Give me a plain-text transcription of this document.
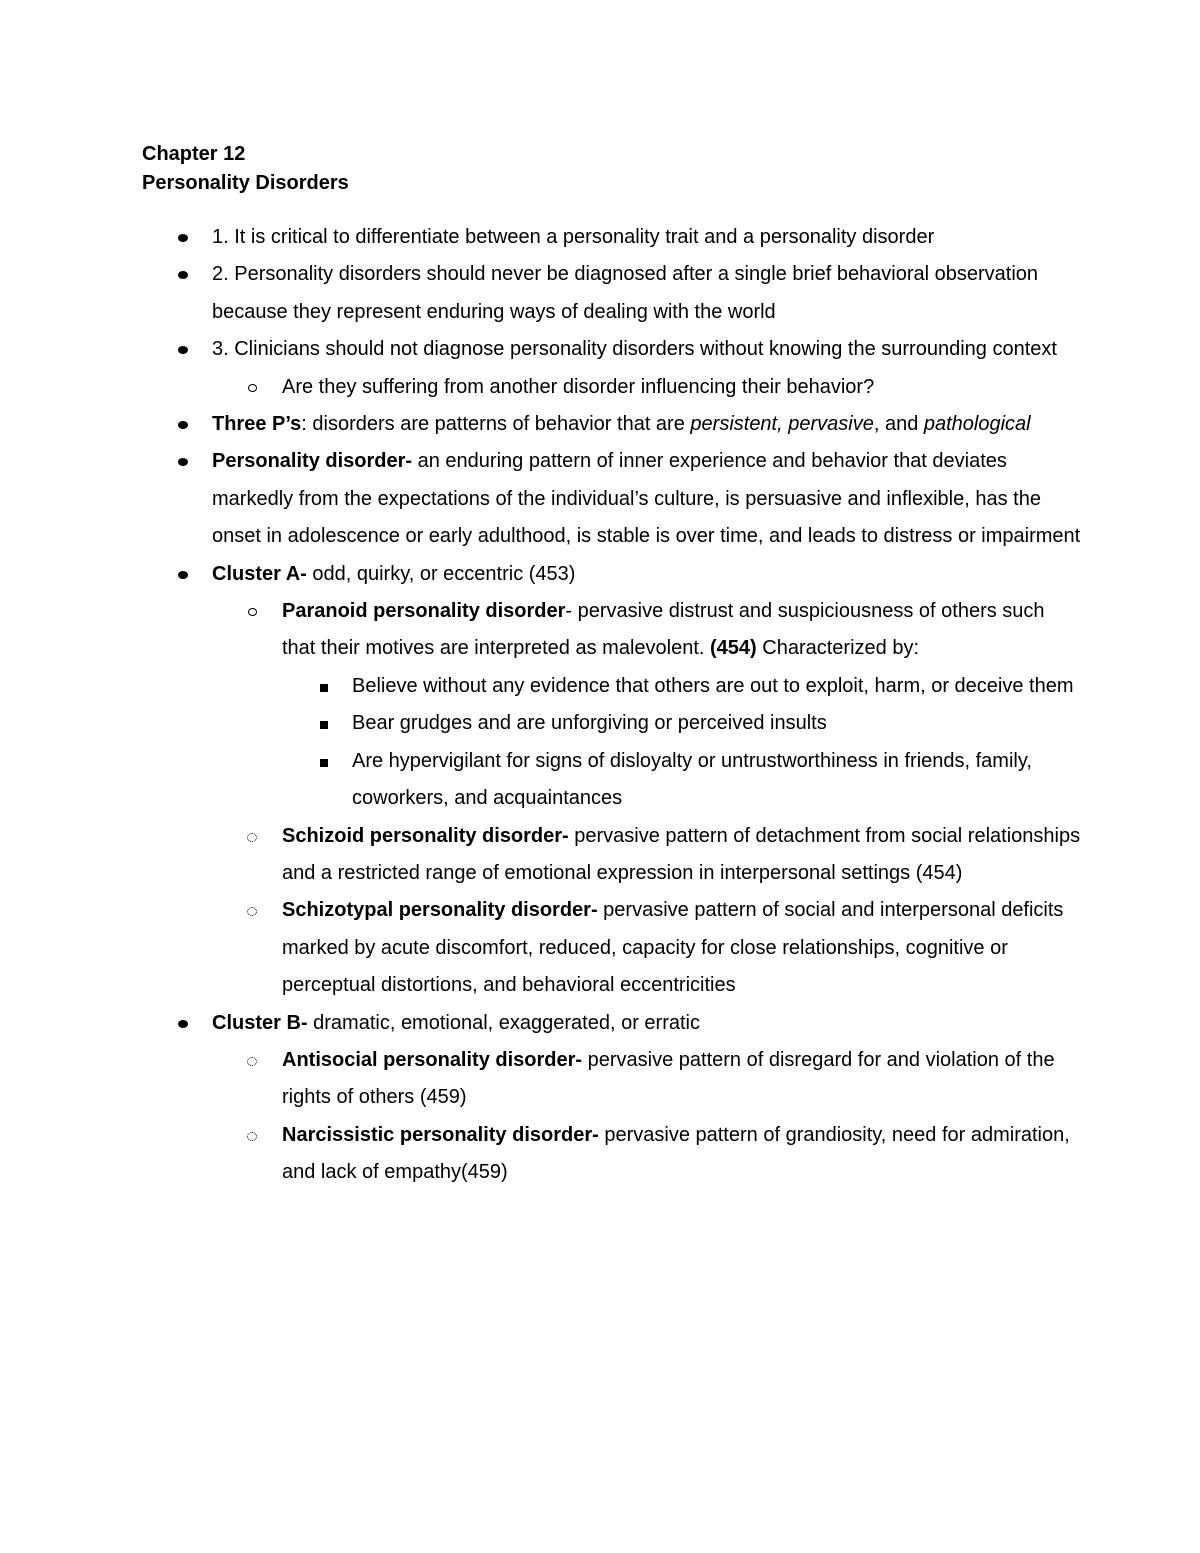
Chapter 12
Personality Disorders
1. It is critical to differentiate between a personality trait and a personality disorder
2. Personality disorders should never be diagnosed after a single brief behavioral observation because they represent enduring ways of dealing with the world
3. Clinicians should not diagnose personality disorders without knowing the surrounding context
Are they suffering from another disorder influencing their behavior?
Three P’s: disorders are patterns of behavior that are persistent, pervasive, and pathological
Personality disorder- an enduring pattern of inner experience and behavior that deviates markedly from the expectations of the individual’s culture, is persuasive and inflexible, has the onset in adolescence or early adulthood, is stable is over time, and leads to distress or impairment
Cluster A- odd, quirky, or eccentric (453)
Paranoid personality disorder- pervasive distrust and suspiciousness of others such that their motives are interpreted as malevolent. (454) Characterized by:
Believe without any evidence that others are out to exploit, harm, or deceive them
Bear grudges and are unforgiving or perceived insults
Are hypervigilant for signs of disloyalty or untrustworthiness in friends, family, coworkers, and acquaintances
Schizoid personality disorder- pervasive pattern of detachment from social relationships and a restricted range of emotional expression in interpersonal settings (454)
Schizotypal personality disorder- pervasive pattern of social and interpersonal deficits marked by acute discomfort, reduced, capacity for close relationships, cognitive or perceptual distortions, and behavioral eccentricities
Cluster B- dramatic, emotional, exaggerated, or erratic
Antisocial personality disorder- pervasive pattern of disregard for and violation of the rights of others (459)
Narcissistic personality disorder- pervasive pattern of grandiosity, need for admiration, and lack of empathy(459)
